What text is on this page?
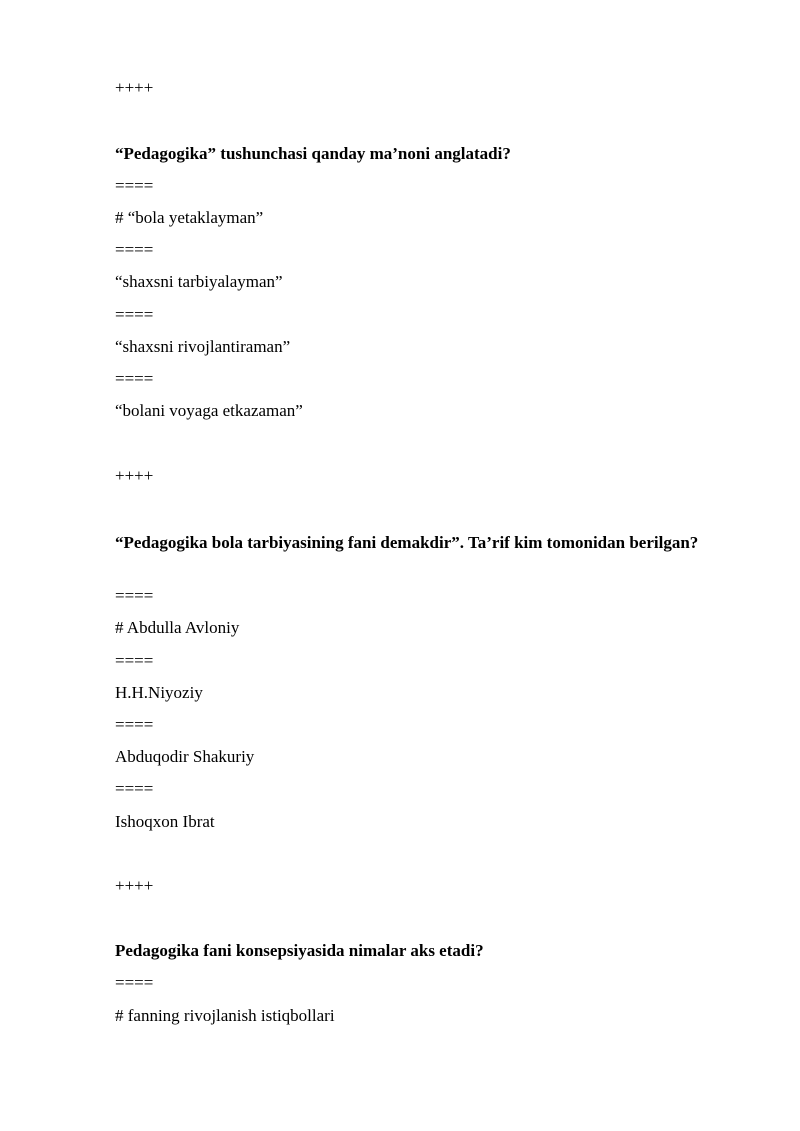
++++
“Pedagogika” tushunchasi qanday ma’noni anglatadi?
====
# “bola yetaklayman”
====
“shaxsni tarbiyalayman”
====
“shaxsni rivojlantiraman”
====
“bolani voyaga etkazaman”
++++
“Pedagogika bola tarbiyasining fani demakdir”. Ta’rif kim tomonidan berilgan?
====
# Abdulla Avloniy
====
H.H.Niyoziy
====
Abduqodir Shakuriy
====
Ishoqxon Ibrat
++++
Pedagogika fani konsepsiyasida nimalar aks etadi?
====
# fanning rivojlanish istiqbollari
